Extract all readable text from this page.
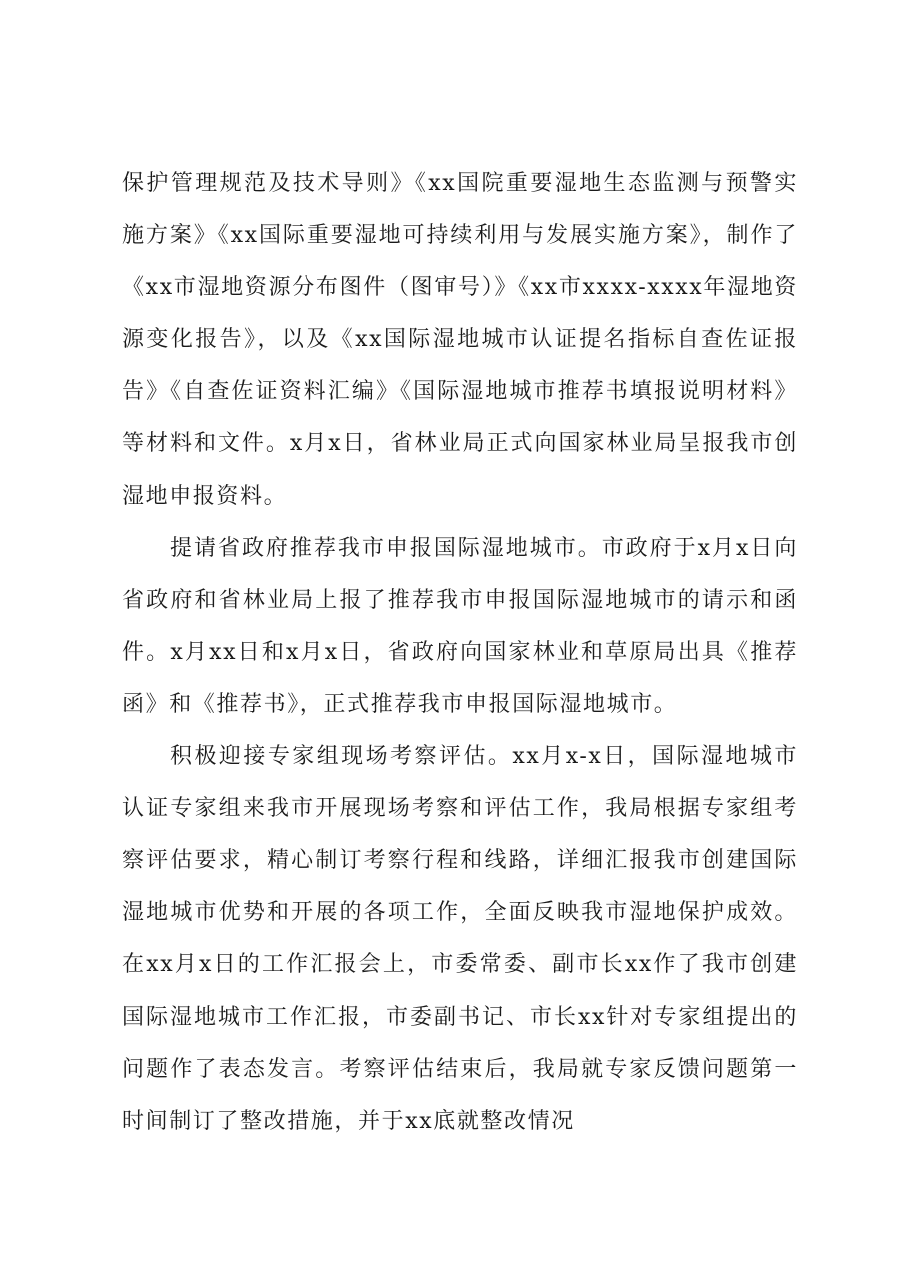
保护管理规范及技术导则》《xx国院重要湿地生态监测与预警实施方案》《xx国际重要湿地可持续利用与发展实施方案》，制作了《xx市湿地资源分布图件（图审号）》《xx市xxxx-xxxx年湿地资源变化报告》，以及《xx国际湿地城市认证提名指标自查佐证报告》《自查佐证资料汇编》《国际湿地城市推荐书填报说明材料》等材料和文件。x月x日，省林业局正式向国家林业局呈报我市创湿地申报资料。

提请省政府推荐我市申报国际湿地城市。市政府于x月x日向省政府和省林业局上报了推荐我市申报国际湿地城市的请示和函件。x月xx日和x月x日，省政府向国家林业和草原局出具《推荐函》和《推荐书》，正式推荐我市申报国际湿地城市。

积极迎接专家组现场考察评估。xx月x-x日，国际湿地城市认证专家组来我市开展现场考察和评估工作，我局根据专家组考察评估要求，精心制订考察行程和线路，详细汇报我市创建国际湿地城市优势和开展的各项工作，全面反映我市湿地保护成效。在xx月x日的工作汇报会上，市委常委、副市长xx作了我市创建国际湿地城市工作汇报，市委副书记、市长xx针对专家组提出的问题作了表态发言。考察评估结束后，我局就专家反馈问题第一时间制订了整改措施，并于xx底就整改情况
